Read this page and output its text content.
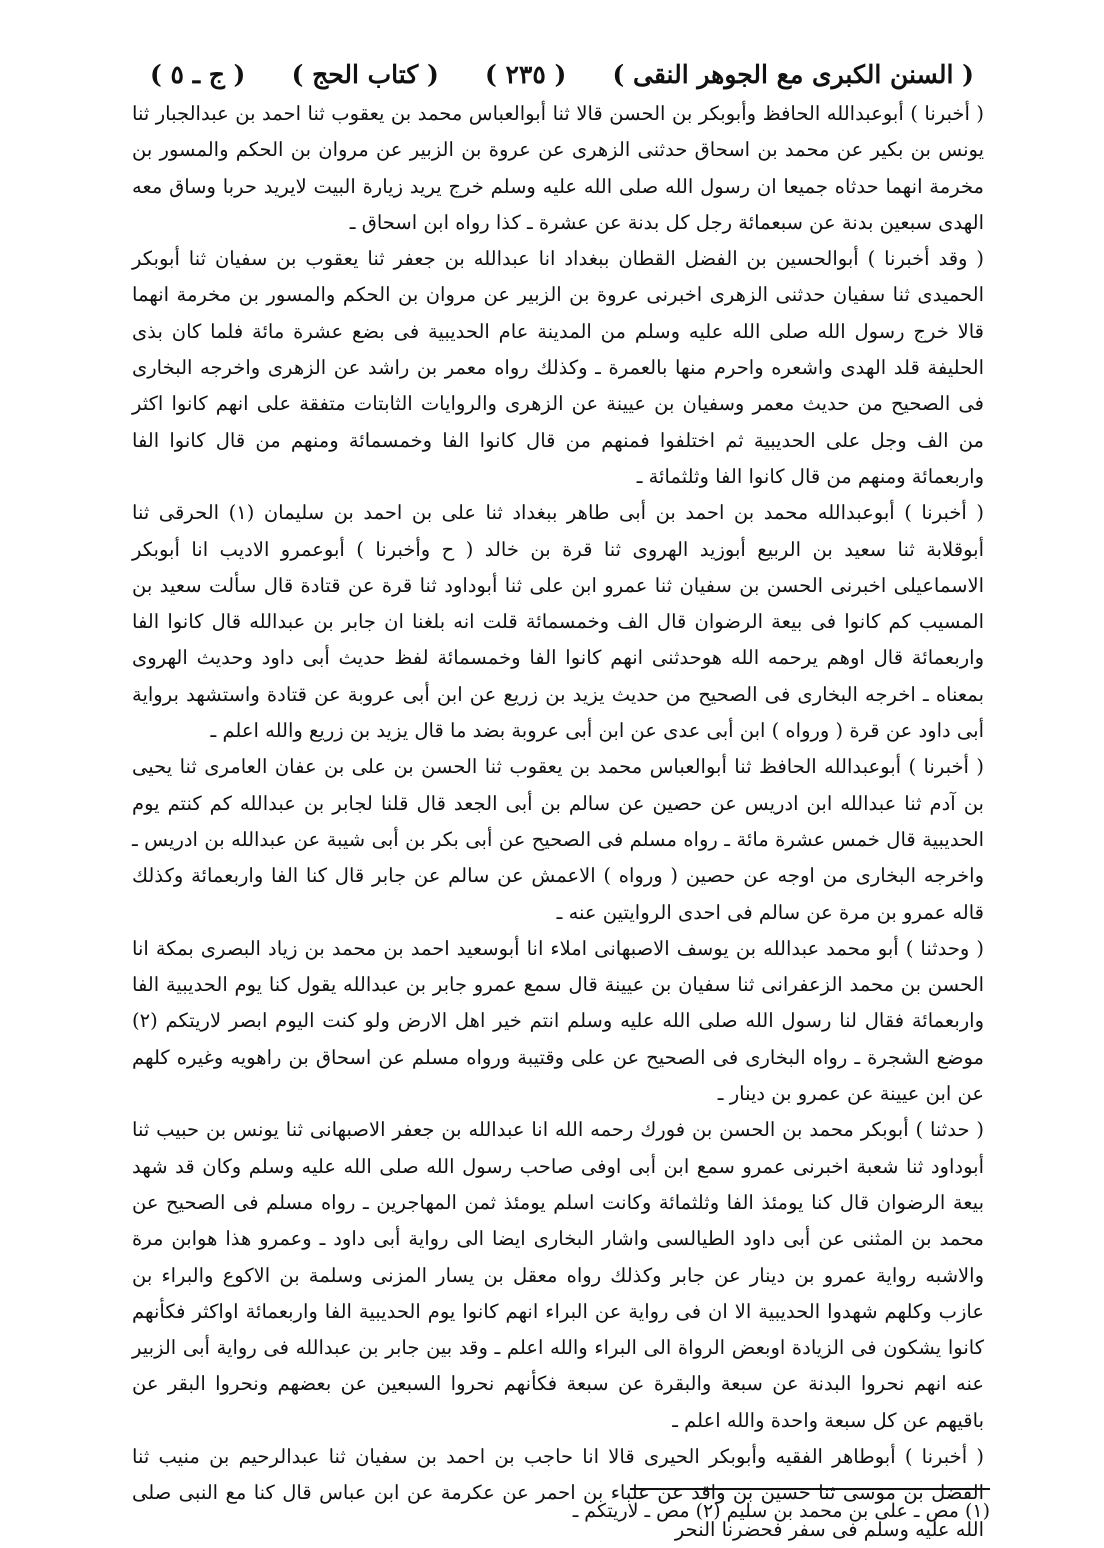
( السنن الكبرى مع الجوهر النقى )
( ٢٣٥ )
( كتاب الحج )
( ج ـ ٥ )

( أخبرنا ) أبوعبدالله الحافظ وأبوبكر بن الحسن قالا ثنا أبوالعباس محمد بن يعقوب ثنا احمد بن عبدالجبار ثنا يونس بن بكير عن محمد بن اسحاق حدثنى الزهرى عن عروة بن الزبير عن مروان بن الحكم والمسور بن مخرمة انهما حدثاه جميعا ان رسول الله صلى الله عليه وسلم خرج يريد زيارة البيت لايريد حربا وساق معه الهدى سبعين بدنة عن سبعمائة رجل كل بدنة عن عشرة ـ كذا رواه ابن اسحاق ـ

( وقد أخبرنا ) أبوالحسين بن الفضل القطان ببغداد انا عبدالله بن جعفر ثنا يعقوب بن سفيان ثنا أبوبكر الحميدى ثنا سفيان حدثنى الزهرى اخبرنى عروة بن الزبير عن مروان بن الحكم والمسور بن مخرمة انهما قالا خرج رسول الله صلى الله عليه وسلم من المدينة عام الحديبية فى بضع عشرة مائة فلما كان بذى الحليفة قلد الهدى واشعره واحرم منها بالعمرة ـ وكذلك رواه معمر بن راشد عن الزهرى واخرجه البخارى فى الصحيح من حديث معمر وسفيان بن عيينة عن الزهرى والروايات الثابتات متفقة على انهم كانوا اكثر من الف وجل على الحديبية ثم اختلفوا فمنهم من قال كانوا الفا وخمسمائة ومنهم من قال كانوا الفا واربعمائة ومنهم من قال كانوا الفا وثلثمائة ـ

( أخبرنا ) أبوعبدالله محمد بن احمد بن أبى طاهر ببغداد ثنا على بن احمد بن سليمان (١) الحرقى ثنا أبوقلابة ثنا سعيد بن الربيع أبوزيد الهروى ثنا قرة بن خالد ( ح وأخبرنا ) أبوعمرو الاديب انا أبوبكر الاسماعيلى اخبرنى الحسن بن سفيان ثنا عمرو ابن على ثنا أبوداود ثنا قرة عن قتادة قال سألت سعيد بن المسيب كم كانوا فى بيعة الرضوان قال الف وخمسمائة قلت انه بلغنا ان جابر بن عبدالله قال كانوا الفا واربعمائة قال اوهم يرحمه الله هوحدثنى انهم كانوا الفا وخمسمائة لفظ حديث أبى داود وحديث الهروى بمعناه ـ اخرجه البخارى فى الصحيح من حديث يزيد بن زريع عن ابن أبى عروبة عن قتادة واستشهد برواية أبى داود عن قرة ( ورواه ) ابن أبى عدى عن ابن أبى عروبة بضد ما قال يزيد بن زريع والله اعلم ـ

( أخبرنا ) أبوعبدالله الحافظ ثنا أبوالعباس محمد بن يعقوب ثنا الحسن بن على بن عفان العامرى ثنا يحيى بن آدم ثنا عبدالله ابن ادريس عن حصين عن سالم بن أبى الجعد قال قلنا لجابر بن عبدالله كم كنتم يوم الحديبية قال خمس عشرة مائة ـ رواه مسلم فى الصحيح عن أبى بكر بن أبى شيبة عن عبدالله بن ادريس ـ واخرجه البخارى من اوجه عن حصين ( ورواه ) الاعمش عن سالم عن جابر قال كنا الفا واربعمائة وكذلك قاله عمرو بن مرة عن سالم فى احدى الروايتين عنه ـ

( وحدثنا ) أبو محمد عبدالله بن يوسف الاصبهانى املاء انا أبوسعيد احمد بن محمد بن زياد البصرى بمكة انا الحسن بن محمد الزعفرانى ثنا سفيان بن عيينة قال سمع عمرو جابر بن عبدالله يقول كنا يوم الحديبية الفا واربعمائة فقال لنا رسول الله صلى الله عليه وسلم انتم خير اهل الارض ولو كنت اليوم ابصر لاريتكم (٢) موضع الشجرة ـ رواه البخارى فى الصحيح عن على وقتيبة ورواه مسلم عن اسحاق بن راهويه وغيره كلهم عن ابن عيينة عن عمرو بن دينار ـ

( حدثنا ) أبوبكر محمد بن الحسن بن فورك رحمه الله انا عبدالله بن جعفر الاصبهانى ثنا يونس بن حبيب ثنا أبوداود ثنا شعبة اخبرنى عمرو سمع ابن أبى اوفى صاحب رسول الله صلى الله عليه وسلم وكان قد شهد بيعة الرضوان قال كنا يومئذ الفا وثلثمائة وكانت اسلم يومئذ ثمن المهاجرين ـ رواه مسلم فى الصحيح عن محمد بن المثنى عن أبى داود الطيالسى واشار البخارى ايضا الى رواية أبى داود ـ وعمرو هذا هوابن مرة والاشبه رواية عمرو بن دينار عن جابر وكذلك رواه معقل بن يسار المزنى وسلمة بن الاكوع والبراء بن عازب وكلهم شهدوا الحديبية الا ان فى رواية عن البراء انهم كانوا يوم الحديبية الفا واربعمائة اواكثر فكأنهم كانوا يشكون فى الزيادة اوبعض الرواة الى البراء والله اعلم ـ وقد بين جابر بن عبدالله فى رواية أبى الزبير عنه انهم نحروا البدنة عن سبعة والبقرة عن سبعة فكأنهم نحروا السبعين عن بعضهم ونحروا البقر عن باقيهم عن كل سبعة واحدة والله اعلم ـ

( أخبرنا ) أبوطاهر الفقيه وأبوبكر الحيرى قالا انا حاجب بن احمد بن سفيان ثنا عبدالرحيم بن منيب ثنا الفضل بن موسى ثنا حسين بن واقد عن علباء بن احمر عن عكرمة عن ابن عباس قال كنا مع النبى صلى الله عليه وسلم فى سفر فحضرنا النحر

(١) مص ـ على بن محمد بن سليم (٢) مص ـ لاريتكم ـ
